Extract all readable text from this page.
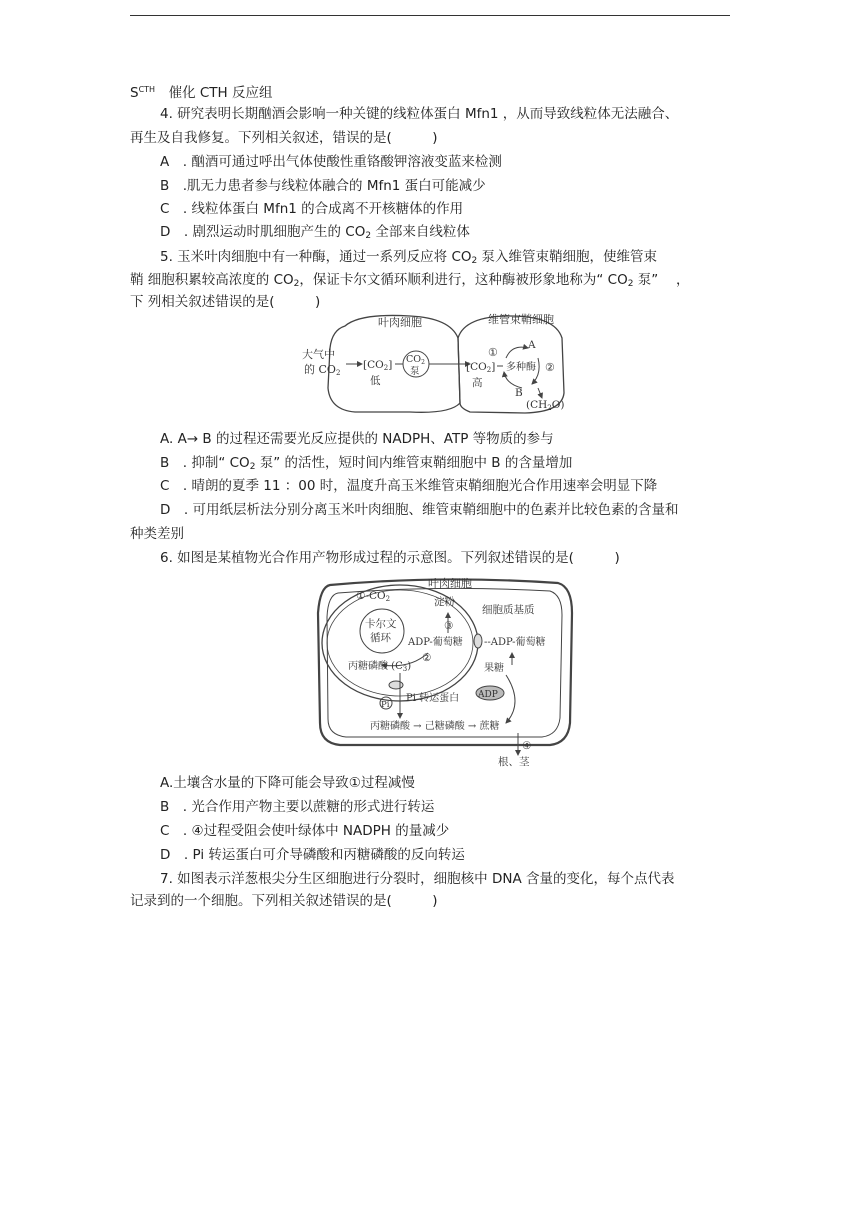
$S^{CTH}$　催化 CTH 反应组
4. 研究表明长期酗酒会影响一种关键的线粒体蛋白 Mfn1 ，从而导致线粒体无法融合、
再生及自我修复。下列相关叙述，错误的是(　　　)
A　. 酗酒可通过呼出气体使酸性重铬酸钾溶液变蓝来检测
B　.肌无力患者参与线粒体融合的 Mfn1 蛋白可能减少
C　. 线粒体蛋白 Mfn1 的合成离不开核糖体的作用
D　. 剧烈运动时肌细胞产生的 $CO_2$ 全部来自线粒体
5. 玉米叶肉细胞中有一种酶，通过一系列反应将 $CO_2$ 泵入维管束鞘细胞，使维管束
鞘 细胞积累较高浓度的 $CO_2$，保证卡尔文循环顺利进行，这种酶被形象地称为“ $CO_2$ 泵”　 ，
下 列相关叙述错误的是(　　　)
叶肉细胞	维管束鞘细胞
大气中
的 CO2
[CO2]
低
$CO_2$
泵	[CO2]
高
①
A
多种酶 ②
B
(CH2O)
A. A→ B 的过程还需要光反应提供的 NADPH、ATP 等物质的参与
B　. 抑制“ $CO_2$ 泵” 的活性，短时间内维管束鞘细胞中 B 的含量增加
C　. 晴朗的夏季 11 ：00 时，温度升高玉米维管束鞘细胞光合作用速率会明显下降
D　. 可用纸层析法分别分离玉米叶肉细胞、维管束鞘细胞中的色素并比较色素的含量和
种类差别
6. 如图是某植物光合作用产物形成过程的示意图。下列叙述错误的是(　　　)
叶肉细胞
细胞质基质
①-CO2	淀粉
卡尔文
循环
③
ADP-葡萄糖 --ADP-葡萄糖
②
丙糖磷酸 $(C_3)$	果糖
Pi
Pi 转运蛋白 ADP
丙糖磷酸 → 己糖磷酸 → 蔗糖
④
根、茎
A.土壤含水量的下降可能会导致①过程减慢
B　. 光合作用产物主要以蔗糖的形式进行转运
C　. ④过程受阻会使叶绿体中 NADPH 的量减少
D　. Pi 转运蛋白可介导磷酸和丙糖磷酸的反向转运
7. 如图表示洋葱根尖分生区细胞进行分裂时，细胞核中 DNA 含量的变化，每个点代表
记录到的一个细胞。下列相关叙述错误的是(　　　)
